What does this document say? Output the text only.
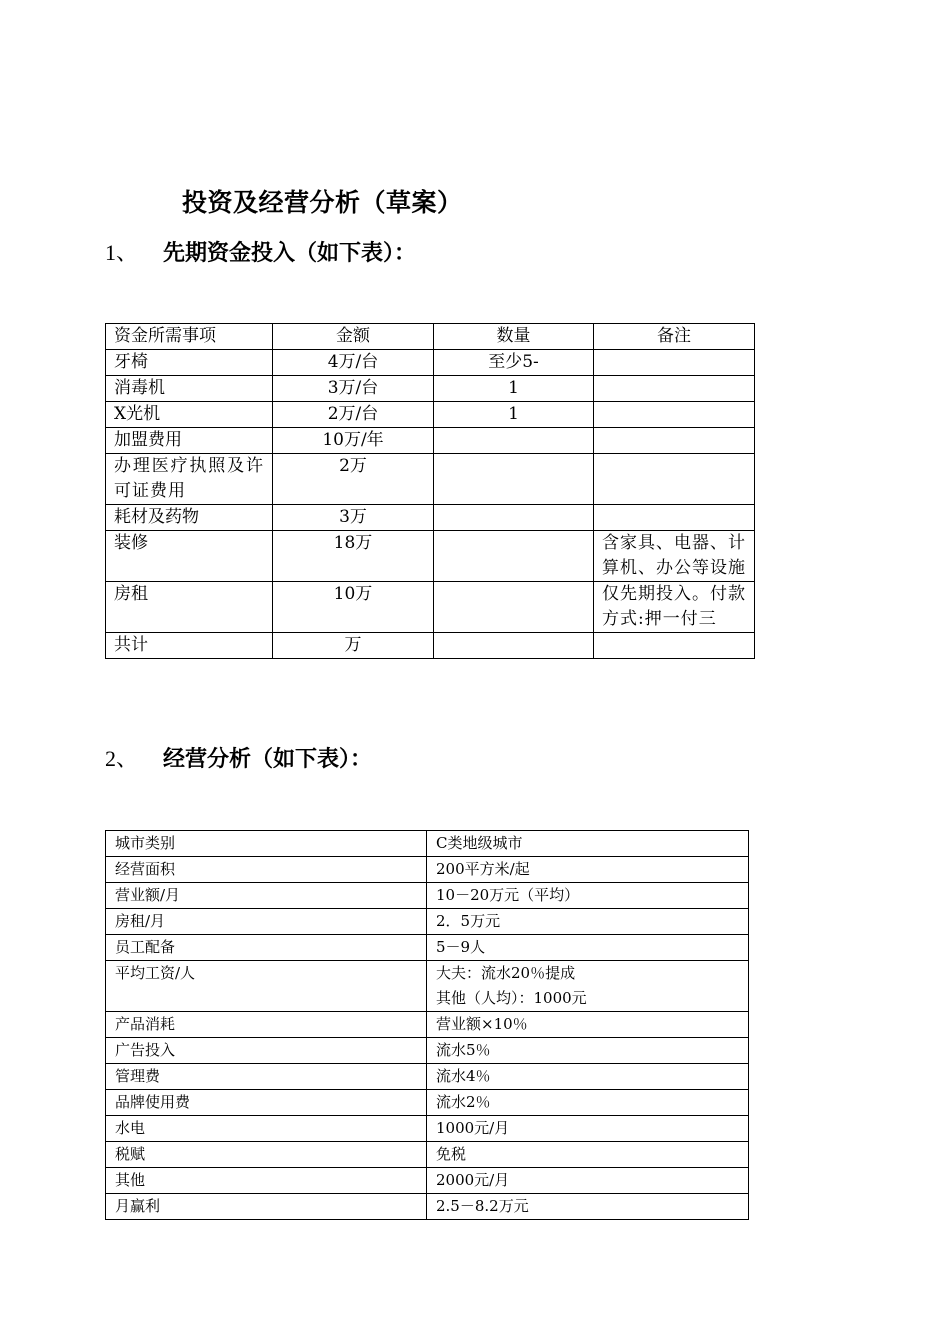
投资及经营分析（草案）
1、 先期资金投入（如下表）：
资金所需事项	金额	数量	备注
牙椅	4万/台	至少5-	
消毒机	3万/台	1	
X光机	2万/台	1	
加盟费用	10万/年		
办理医疗执照及许可证费用	2万		
耗材及药物	3万		
装修	18万		含家具、电器、计算机、办公等设施
房租	10万		仅先期投入。付款方式:押一付三
共计	万		
2、 经营分析（如下表）：
城市类别	C类地级城市
经营面积	200平方米/起
营业额/月	10－20万元（平均）
房租/月	2．5万元
员工配备	5－9人
平均工资/人	大夫：流水20％提成
其他（人均）：1000元

产品消耗	营业额×10％
广告投入	流水5％
管理费	流水4％
品牌使用费	流水2％
水电	1000元/月
税赋	免税
其他	2000元/月
月赢利	2.5－8.2万元
